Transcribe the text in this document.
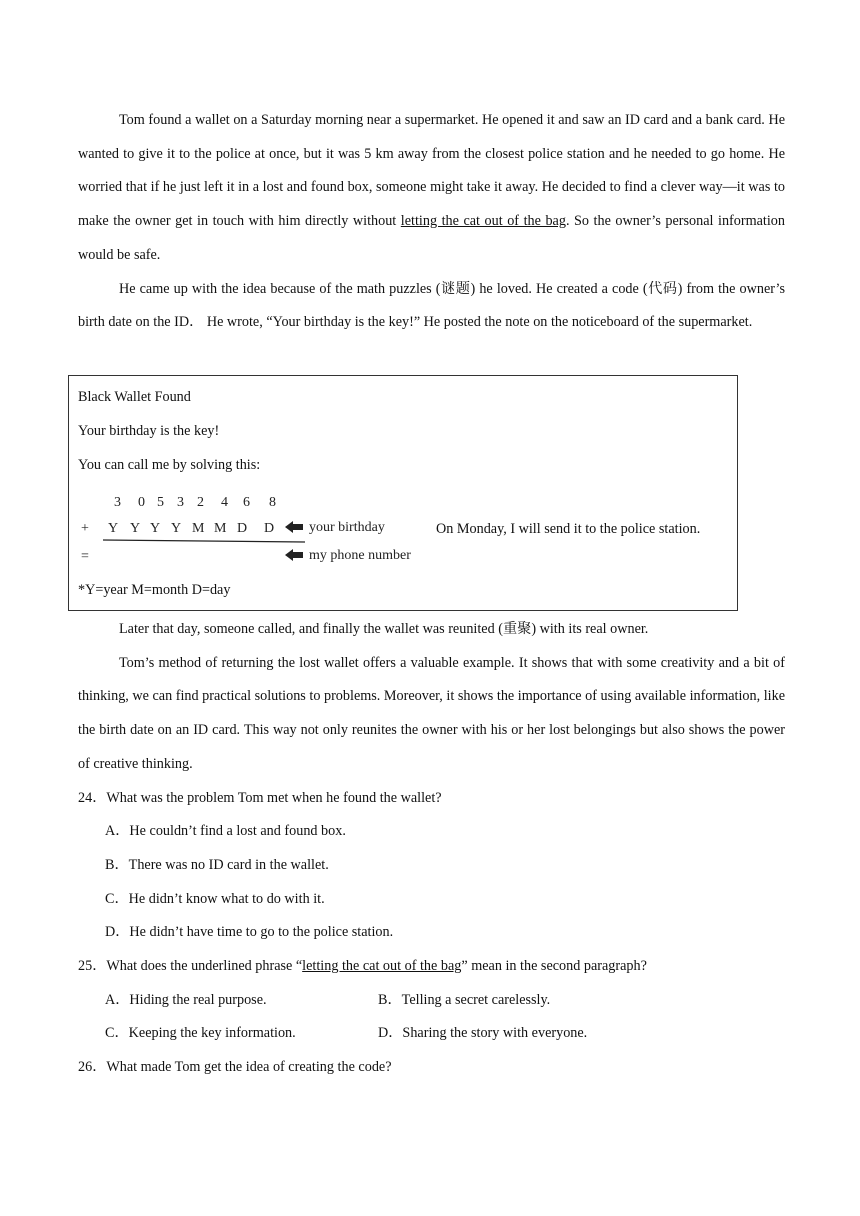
Tom found a wallet on a Saturday morning near a supermarket. He opened it and saw an ID card and a bank card. He wanted to give it to the police at once, but it was 5 km away from the closest police station and he needed to go home. He worried that if he just left it in a lost and found box, someone might take it away. He decided to find a clever way—it was to make the owner get in touch with him directly without letting the cat out of the bag. So the owner’s personal information would be safe.

He came up with the idea because of the math puzzles (谜题) he loved. He created a code (代码) from the owner’s birth date on the ID． He wrote, “Your birthday is the key!” He posted the note on the noticeboard of the supermarket.

Black Wallet Found
Your birthday is the key!
You can call me by solving this:
3 0 5 3 2 4 6 8
+ Y Y Y Y M M D D
=
your birthday
my phone number
On Monday, I will send it to the police station.
*Y=year M=month D=day

Later that day, someone called, and finally the wallet was reunited (重聚) with its real owner.

Tom’s method of returning the lost wallet offers a valuable example. It shows that with some creativity and a bit of thinking, we can find practical solutions to problems. Moreover, it shows the importance of using available information, like the birth date on an ID card. This way not only reunites the owner with his or her lost belongings but also shows the power of creative thinking.

24．What was the problem Tom met when he found the wallet?

A．He couldn’t find a lost and found box.

B．There was no ID card in the wallet.

C．He didn’t know what to do with it.

D．He didn’t have time to go to the police station.

25．What does the underlined phrase “letting the cat out of the bag” mean in the second paragraph?

A．Hiding the real purpose.	B．Telling a secret carelessly.
C．Keeping the key information.	D．Sharing the story with everyone.

26．What made Tom get the idea of creating the code?
